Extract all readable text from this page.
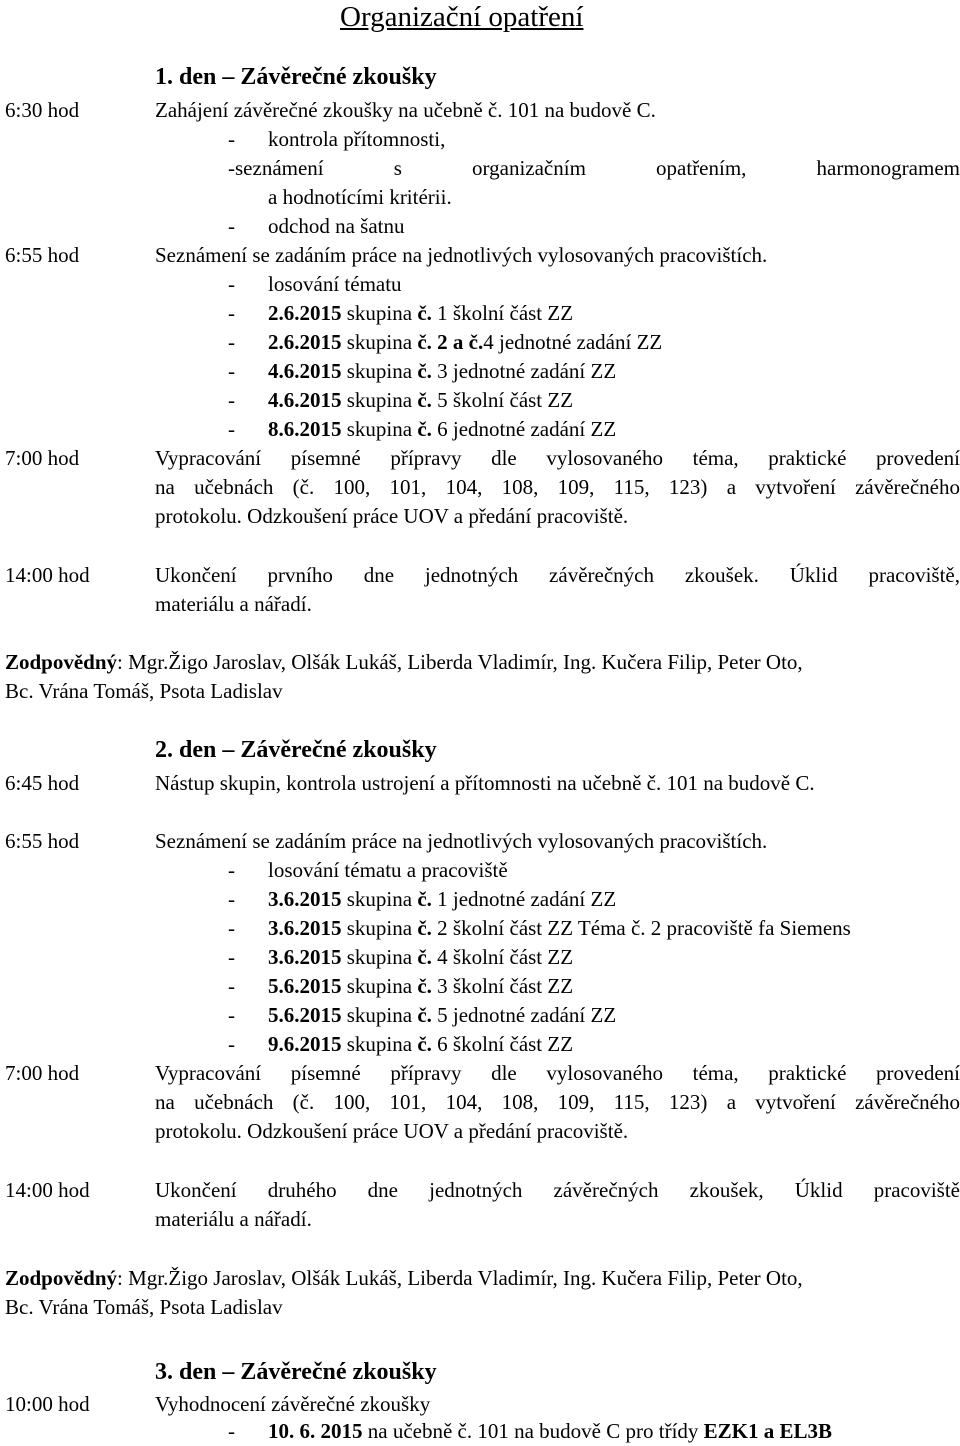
Organizační opatření
1. den – Závěrečné zkoušky
6:30 hod	Zahájení závěrečné zkoušky na učebně č. 101 na budově C.
- kontrola přítomnosti,
-seznámení s organizačním opatřením, harmonogramem
a hodnotícími kritérii.
- odchod na šatnu
6:55 hod	Seznámení se zadáním práce na jednotlivých vylosovaných pracovištích.
- losování tématu
- 2.6.2015 skupina č. 1 školní část ZZ
- 2.6.2015 skupina č. 2 a č.4 jednotné zadání ZZ
- 4.6.2015 skupina č. 3 jednotné zadání ZZ
- 4.6.2015 skupina č. 5 školní část ZZ
- 8.6.2015 skupina č. 6 jednotné zadání ZZ
7:00 hod	Vypracování písemné přípravy dle vylosovaného téma, praktické provedení
na učebnách (č. 100, 101, 104, 108, 109, 115, 123) a vytvoření závěrečného
protokolu. Odzkoušení práce UOV a předání pracoviště.
14:00 hod	Ukončení prvního dne jednotných závěrečných zkoušek. Úklid pracoviště,
materiálu a nářadí.
Zodpovědný: Mgr.Žigo Jaroslav, Olšák Lukáš, Liberda Vladimír, Ing. Kučera Filip, Peter Oto,
Bc. Vrána Tomáš, Psota Ladislav
2. den – Závěrečné zkoušky
6:45 hod	Nástup skupin, kontrola ustrojení a přítomnosti na učebně č. 101 na budově C.
6:55 hod	Seznámení se zadáním práce na jednotlivých vylosovaných pracovištích.
- losování tématu a pracoviště
- 3.6.2015 skupina č. 1 jednotné zadání ZZ
- 3.6.2015 skupina č. 2 školní část ZZ Téma č. 2 pracoviště fa Siemens
- 3.6.2015 skupina č. 4 školní část ZZ
- 5.6.2015 skupina č. 3 školní část ZZ
- 5.6.2015 skupina č. 5 jednotné zadání ZZ
- 9.6.2015 skupina č. 6 školní část ZZ
7:00 hod	Vypracování písemné přípravy dle vylosovaného téma, praktické provedení
na učebnách (č. 100, 101, 104, 108, 109, 115, 123) a vytvoření závěrečného
protokolu. Odzkoušení práce UOV a předání pracoviště.
14:00 hod	Ukončení druhého dne jednotných závěrečných zkoušek, Úklid pracoviště
materiálu a nářadí.
Zodpovědný: Mgr.Žigo Jaroslav, Olšák Lukáš, Liberda Vladimír, Ing. Kučera Filip, Peter Oto,
Bc. Vrána Tomáš, Psota Ladislav
3. den – Závěrečné zkoušky
10:00 hod	Vyhodnocení závěrečné zkoušky
- 10. 6. 2015 na učebně č. 101 na budově C pro třídy EZK1 a EL3B
